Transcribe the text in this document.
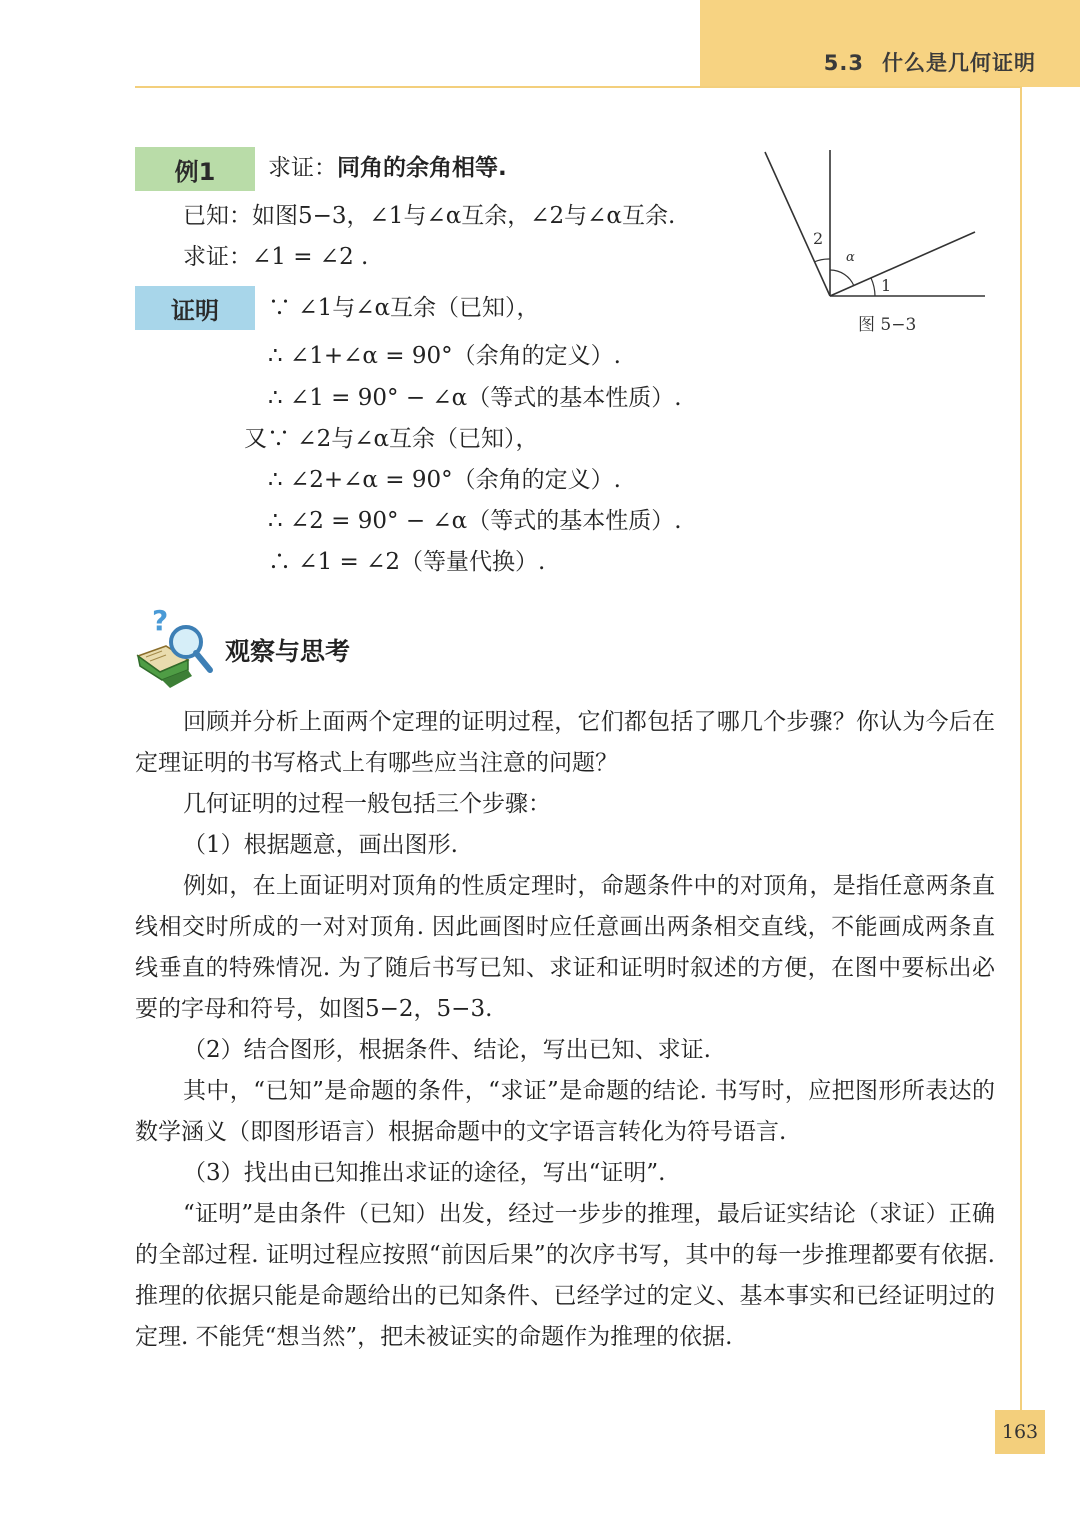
5.3 什么是几何证明
例1	求证：同角的余角相等.
已知：如图5−3，∠1与∠α互余，∠2与∠α互余.
求证：∠1 = ∠2 .
2
α
1
图 5−3
证明	∵ ∠1与∠α互余（已知），
∴ ∠1+∠α = 90°（余角的定义）.
∴ ∠1 = 90° − ∠α（等式的基本性质）.
又∵ ∠2与∠α互余（已知），
∴ ∠2+∠α = 90°（余角的定义）.
∴ ∠2 = 90° − ∠α（等式的基本性质）.
∴ ∠1 = ∠2（等量代换）.
?
观察与思考

回顾并分析上面两个定理的证明过程，它们都包括了哪几个步骤？你认为今后在定理证明的书写格式上有哪些应当注意的问题？

几何证明的过程一般包括三个步骤：

（1）根据题意，画出图形.

例如，在上面证明对顶角的性质定理时，命题条件中的对顶角，是指任意两条直线相交时所成的一对对顶角. 因此画图时应任意画出两条相交直线，不能画成两条直线垂直的特殊情况. 为了随后书写已知、求证和证明时叙述的方便，在图中要标出必要的字母和符号，如图5−2，5−3.

（2）结合图形，根据条件、结论，写出已知、求证.

其中，“已知”是命题的条件，“求证”是命题的结论. 书写时，应把图形所表达的数学涵义（即图形语言）根据命题中的文字语言转化为符号语言.

（3）找出由已知推出求证的途径，写出“证明”.

“证明”是由条件（已知）出发，经过一步步的推理，最后证实结论（求证）正确的全部过程. 证明过程应按照“前因后果”的次序书写，其中的每一步推理都要有依据. 推理的依据只能是命题给出的已知条件、已经学过的定义、基本事实和已经证明过的定理. 不能凭“想当然”，把未被证实的命题作为推理的依据.

163
